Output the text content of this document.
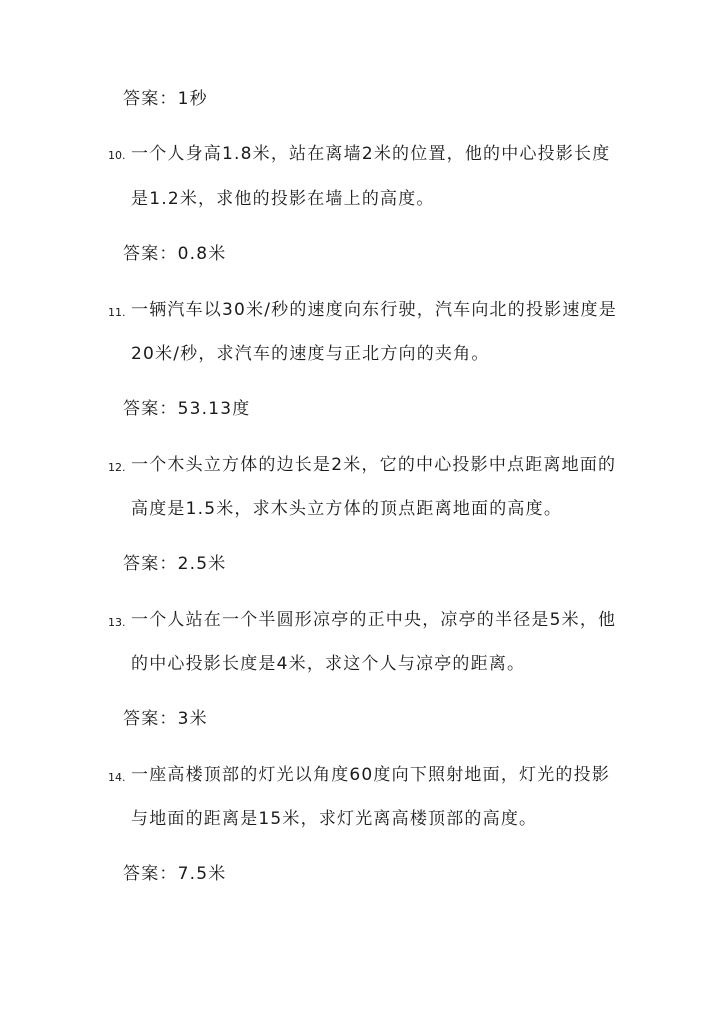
答案：1秒
10. 一个人身高1.8米，站在离墙2米的位置，他的中心投影长度
是1.2米，求他的投影在墙上的高度。
答案：0.8米
11. 一辆汽车以30米/秒的速度向东行驶，汽车向北的投影速度是
20米/秒，求汽车的速度与正北方向的夹角。
答案：53.13度
12. 一个木头立方体的边长是2米，它的中心投影中点距离地面的
高度是1.5米，求木头立方体的顶点距离地面的高度。
答案：2.5米
13. 一个人站在一个半圆形凉亭的正中央，凉亭的半径是5米，他
的中心投影长度是4米，求这个人与凉亭的距离。
答案：3米
14. 一座高楼顶部的灯光以角度60度向下照射地面，灯光的投影
与地面的距离是15米，求灯光离高楼顶部的高度。
答案：7.5米
